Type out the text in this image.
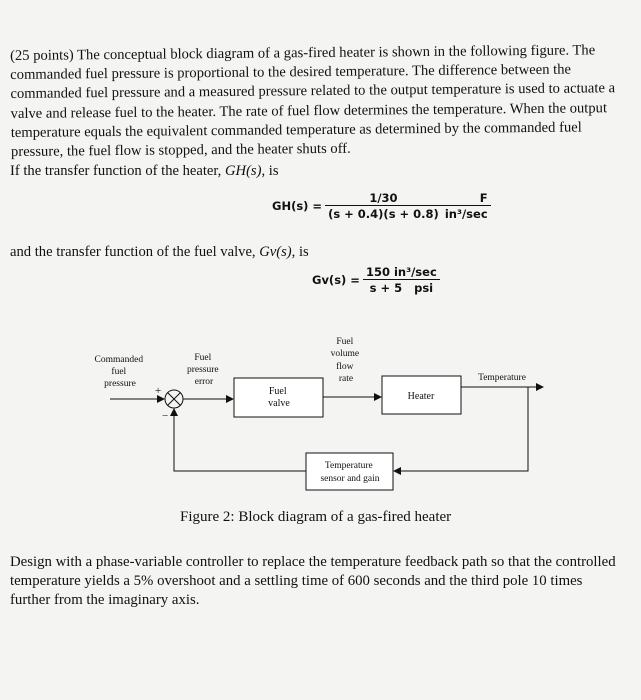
(25 points) The conceptual block diagram of a gas-fired heater is shown in the following figure. The commanded fuel pressure is proportional to the desired temperature. The difference between the commanded fuel pressure and a measured pressure related to the output temperature is used to actuate a valve and release fuel to the heater. The rate of fuel flow determines the temperature. When the output temperature equals the equivalent commanded temperature as determined by the commanded fuel pressure, the fuel flow is stopped, and the heater shuts off.
If the transfer function of the heater, GH(s), is
$GH(s) = \frac{1/30}{(s + 0.4)(s + 0.8)} \frac{F}{\text{in³/sec}}$
and the transfer function of the fuel valve, Gv(s), is
$Gv(s) = \frac{\text{150 in³/sec}}{\text{s + 5   psi}}$
Commanded fuel pressure
Fuel pressure error
Fuel volume flow rate	Temperature
+
−
Fuel valve
Heater
Temperature sensor and gain
Figure 2: Block diagram of a gas-fired heater
Design with a phase-variable controller to replace the temperature feedback path so that the controlled temperature yields a 5% overshoot and a settling time of 600 seconds and the third pole 10 times further from the imaginary axis.
